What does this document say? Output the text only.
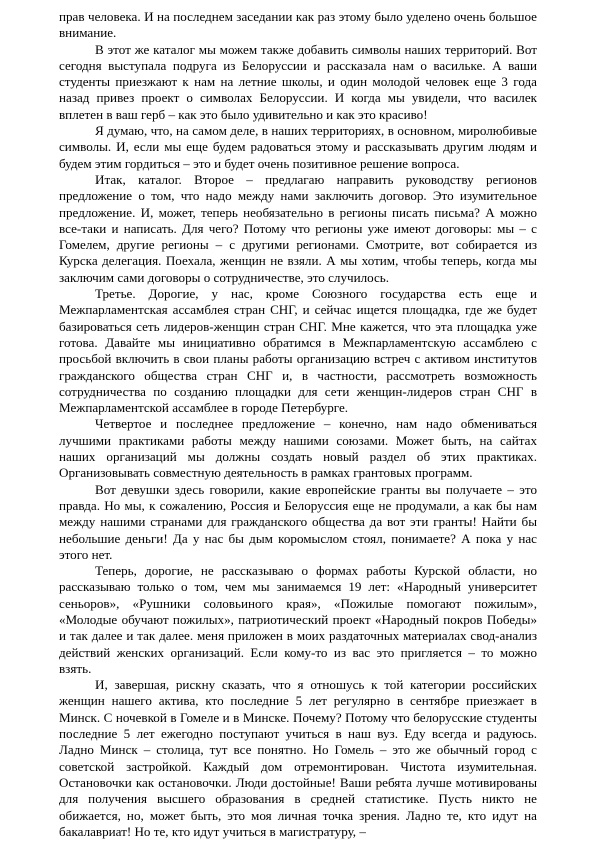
прав человека. И на последнем заседании как раз этому было уделено очень большое внимание.

В этот же каталог мы можем также добавить символы наших территорий. Вот сегодня выступала подруга из Белоруссии и рассказала нам о васильке. А ваши студенты приезжают к нам на летние школы, и один молодой человек еще 3 года назад привез проект о символах Белоруссии. И когда мы увидели, что василек вплетен в ваш герб – как это было удивительно и как это красиво!

Я думаю, что, на самом деле, в наших территориях, в основном, миролюбивые символы. И, если мы еще будем радоваться этому и рассказывать другим людям и будем этим гордиться – это и будет очень позитивное решение вопроса.

Итак, каталог. Второе – предлагаю направить руководству регионов предложение о том, что надо между нами заключить договор. Это изумительное предложение. И, может, теперь необязательно в регионы писать письма? А можно все-таки и написать. Для чего? Потому что регионы уже имеют договоры: мы – с Гомелем, другие регионы – с другими регионами. Смотрите, вот собирается из Курска делегация. Поехала, женщин не взяли. А мы хотим, чтобы теперь, когда мы заключим сами договоры о сотрудничестве, это случилось.

Третье. Дорогие, у нас, кроме Союзного государства есть еще и Межпарламентская ассамблея стран СНГ, и сейчас ищется площадка, где же будет базироваться сеть лидеров-женщин стран СНГ. Мне кажется, что эта площадка уже готова. Давайте мы инициативно обратимся в Межпарламентскую ассамблею с просьбой включить в свои планы работы организацию встреч с активом институтов гражданского общества стран СНГ и, в частности, рассмотреть возможность сотрудничества по созданию площадки для сети женщин-лидеров стран СНГ в Межпарламентской ассамблее в городе Петербурге.

Четвертое и последнее предложение – конечно, нам надо обмениваться лучшими практиками работы между нашими союзами. Может быть, на сайтах наших организаций мы должны создать новый раздел об этих практиках. Организовывать совместную деятельность в рамках грантовых программ.

Вот девушки здесь говорили, какие европейские гранты вы получаете – это правда. Но мы, к сожалению, Россия и Белоруссия еще не продумали, а как бы нам между нашими странами для гражданского общества да вот эти гранты! Найти бы небольшие деньги! Да у нас бы дым коромыслом стоял, понимаете? А пока у нас этого нет.

Теперь, дорогие, не рассказываю о формах работы Курской области, но рассказываю только о том, чем мы занимаемся 19 лет: «Народный университет сеньоров», «Рушники соловьиного края», «Пожилые помогают пожилым», «Молодые обучают пожилых», патриотический проект «Народный покров Победы» и так далее и так далее. меня приложен в моих раздаточных материалах свод-анализ действий женских организаций. Если кому-то из вас это пригляется – то можно взять.

И, завершая, рискну сказать, что я отношусь к той категории российских женщин нашего актива, кто последние 5 лет регулярно в сентябре приезжает в Минск. С ночевкой в Гомеле и в Минске. Почему? Потому что белорусские студенты последние 5 лет ежегодно поступают учиться в наш вуз. Еду всегда и радуюсь. Ладно Минск – столица, тут все понятно. Но Гомель – это же обычный город с советской застройкой. Каждый дом отремонтирован. Чистота изумительная. Остановочки как остановочки. Люди достойные! Ваши ребята лучше мотивированы для получения высшего образования в средней статистике. Пусть никто не обижается, но, может быть, это моя личная точка зрения. Ладно те, кто идут на бакалавриат! Но те, кто идут учиться в магистратуру, –
